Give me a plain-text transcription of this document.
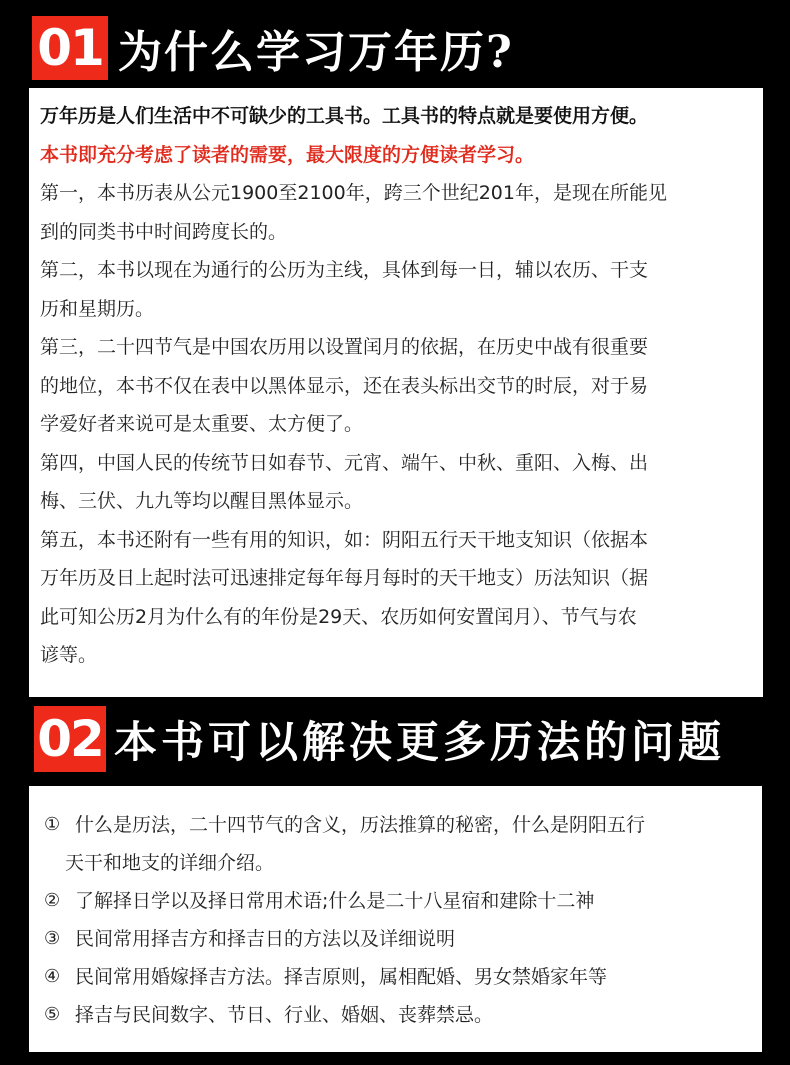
01 为什么学习万年历?

万年历是人们生活中不可缺少的工具书。工具书的特点就是要使用方便。

本书即充分考虑了读者的需要，最大限度的方便读者学习。

第一，本书历表从公元1900至2100年，跨三个世纪201年，是现在所能见

到的同类书中时间跨度长的。

第二，本书以现在为通行的公历为主线，具体到每一日，辅以农历、干支

历和星期历。

第三，二十四节气是中国农历用以设置闰月的依据，在历史中战有很重要

的地位，本书不仅在表中以黑体显示，还在表头标出交节的时辰，对于易

学爱好者来说可是太重要、太方便了。

第四，中国人民的传统节日如春节、元宵、端午、中秋、重阳、入梅、出

梅、三伏、九九等均以醒目黑体显示。

第五，本书还附有一些有用的知识，如：阴阳五行天干地支知识（依据本

万年历及日上起时法可迅速排定每年每月每时的天干地支）历法知识（据

此可知公历2月为什么有的年份是29天、农历如何安置闰月）、节气与农

谚等。

02 本书可以解决更多历法的问题
① 什么是历法，二十四节气的含义，历法推算的秘密，什么是阴阳五行
天干和地支的详细介绍。
② 了解择日学以及择日常用术语;什么是二十八星宿和建除十二神
③ 民间常用择吉方和择吉日的方法以及详细说明
④ 民间常用婚嫁择吉方法。择吉原则，属相配婚、男女禁婚家年等
⑤ 择吉与民间数字、节日、行业、婚姻、丧葬禁忌。
